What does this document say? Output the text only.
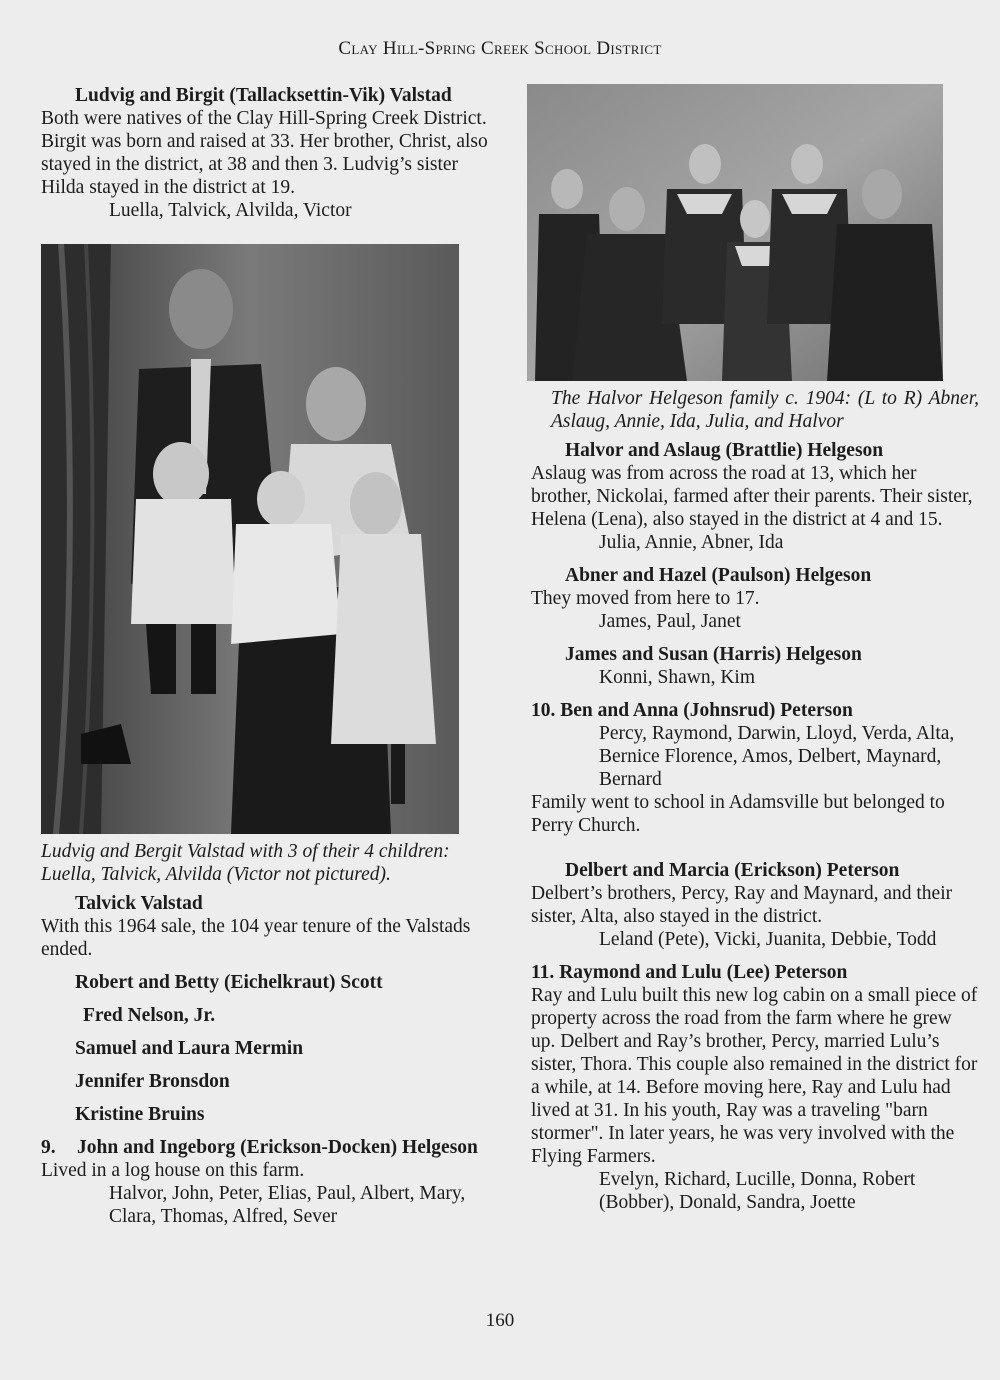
Clay Hill-Spring Creek School District
Ludvig and Birgit (Tallacksettin-Vik) Valstad
Both were natives of the Clay Hill-Spring Creek District. Birgit was born and raised at 33. Her brother, Christ, also stayed in the district, at 38 and then 3. Ludvig’s sister Hilda stayed in the district at 19.
Luella, Talvick, Alvilda, Victor
Ludvig and Bergit Valstad with 3 of their 4 children: Luella, Talvick, Alvilda (Victor not pictured).
Talvick Valstad
With this 1964 sale, the 104 year tenure of the Valstads ended.
Robert and Betty (Eichelkraut) Scott
Fred Nelson, Jr.
Samuel and Laura Mermin
Jennifer Bronsdon
Kristine Bruins
9.	John and Ingeborg (Erickson-Docken) Helgeson
Lived in a log house on this farm.
Halvor, John, Peter, Elias, Paul, Albert, Mary, Clara, Thomas, Alfred, Sever
The Halvor Helgeson family c. 1904: (L to R) Abner, Aslaug, Annie, Ida, Julia, and Halvor
Halvor and Aslaug (Brattlie) Helgeson
Aslaug was from across the road at 13, which her brother, Nickolai, farmed after their parents. Their sister, Helena (Lena), also stayed in the district at 4 and 15.
Julia, Annie, Abner, Ida
Abner and Hazel (Paulson) Helgeson
They moved from here to 17.
James, Paul, Janet
James and Susan (Harris) Helgeson
Konni, Shawn, Kim
10. Ben and Anna (Johnsrud) Peterson
Percy, Raymond, Darwin, Lloyd, Verda, Alta, Bernice Florence, Amos, Delbert, Maynard, Bernard
Family went to school in Adamsville but belonged to Perry Church.
Delbert and Marcia (Erickson) Peterson
Delbert’s brothers, Percy, Ray and Maynard, and their sister, Alta, also stayed in the district.
Leland (Pete), Vicki, Juanita, Debbie, Todd
11. Raymond and Lulu (Lee) Peterson
Ray and Lulu built this new log cabin on a small piece of property across the road from the farm where he grew up. Delbert and Ray’s brother, Percy, married Lulu’s sister, Thora. This couple also remained in the district for a while, at 14. Before moving here, Ray and Lulu had lived at 31. In his youth, Ray was a traveling "barn stormer". In later years, he was very involved with the Flying Farmers.
Evelyn, Richard, Lucille, Donna, Robert (Bobber), Donald, Sandra, Joette
160
